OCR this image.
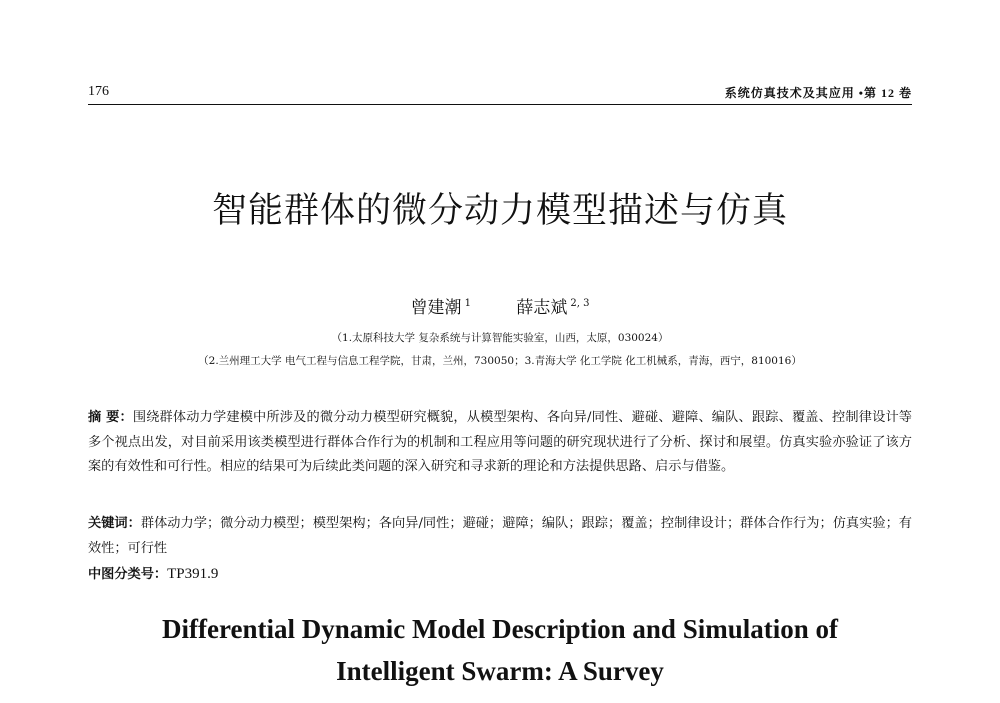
176	系统仿真技术及其应用 •第 12 卷
智能群体的微分动力模型描述与仿真
曾建潮 $^1$	薛志斌 $^{2, 3}$
（1.太原科技大学 复杂系统与计算智能实验室，山西，太原，030024）
（2.兰州理工大学 电气工程与信息工程学院，甘肃，兰州，730050；3.青海大学 化工学院 化工机械系，青海，西宁，810016）
摘 要：围绕群体动力学建模中所涉及的微分动力模型研究概貌，从模型架构、各向异/同性、避碰、避障、编队、跟踪、覆盖、控制律设计等多个视点出发，对目前采用该类模型进行群体合作行为的机制和工程应用等问题的研究现状进行了分析、探讨和展望。仿真实验亦验证了该方案的有效性和可行性。相应的结果可为后续此类问题的深入研究和寻求新的理论和方法提供思路、启示与借鉴。
关键词：群体动力学；微分动力模型；模型架构；各向异/同性；避碰；避障；编队；跟踪；覆盖；控制律设计；群体合作行为；仿真实验；有效性；可行性
中图分类号：TP391.9
Differential Dynamic Model Description and Simulation of
Intelligent Swarm: A Survey
